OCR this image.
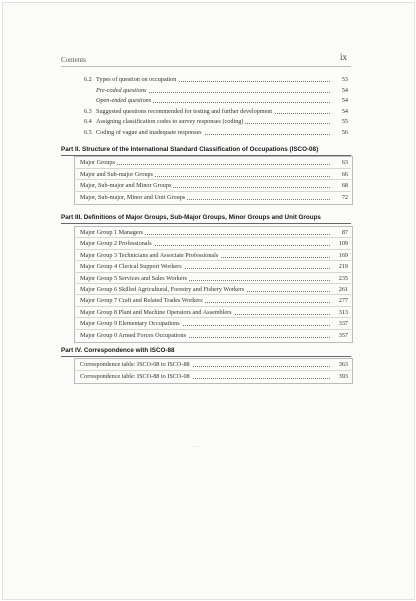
Contents	ix
6.2 Types of question on occupation	53
Pre-coded questions	54
Open-ended questions	54
6.3 Suggested questions recommended for testing and further development	54
6.4 Assigning classification codes to survey responses (coding)	55
6.5 Coding of vague and inadequate responses	56
Part II. Structure of the International Standard Classification of Occupations (ISCO-08)
Major Groups	63
Major and Sub-major Groups	66
Major, Sub-major and Minor Groups	68
Major, Sub-major, Minor and Unit Groups	72
Part III. Definitions of Major Groups, Sub-Major Groups, Minor Groups and Unit Groups
Major Group 1 Managers	87
Major Group 2 Professionals	109
Major Group 3 Technicians and Associate Professionals	169
Major Group 4 Clerical Support Workers	219
Major Group 5 Services and Sales Workers	235
Major Group 6 Skilled Agricultural, Forestry and Fishery Workers	261
Major Group 7 Craft and Related Trades Workers	277
Major Group 8 Plant and Machine Operators and Assemblers	313
Major Group 9 Elementary Occupations	337
Major Group 0 Armed Forces Occupations	357
Part IV. Correspondence with ISCO-88
Correspondence table: ISCO-08 to ISCO-88	363
Correspondence table: ISCO-88 to ISCO-08	393
- - -
